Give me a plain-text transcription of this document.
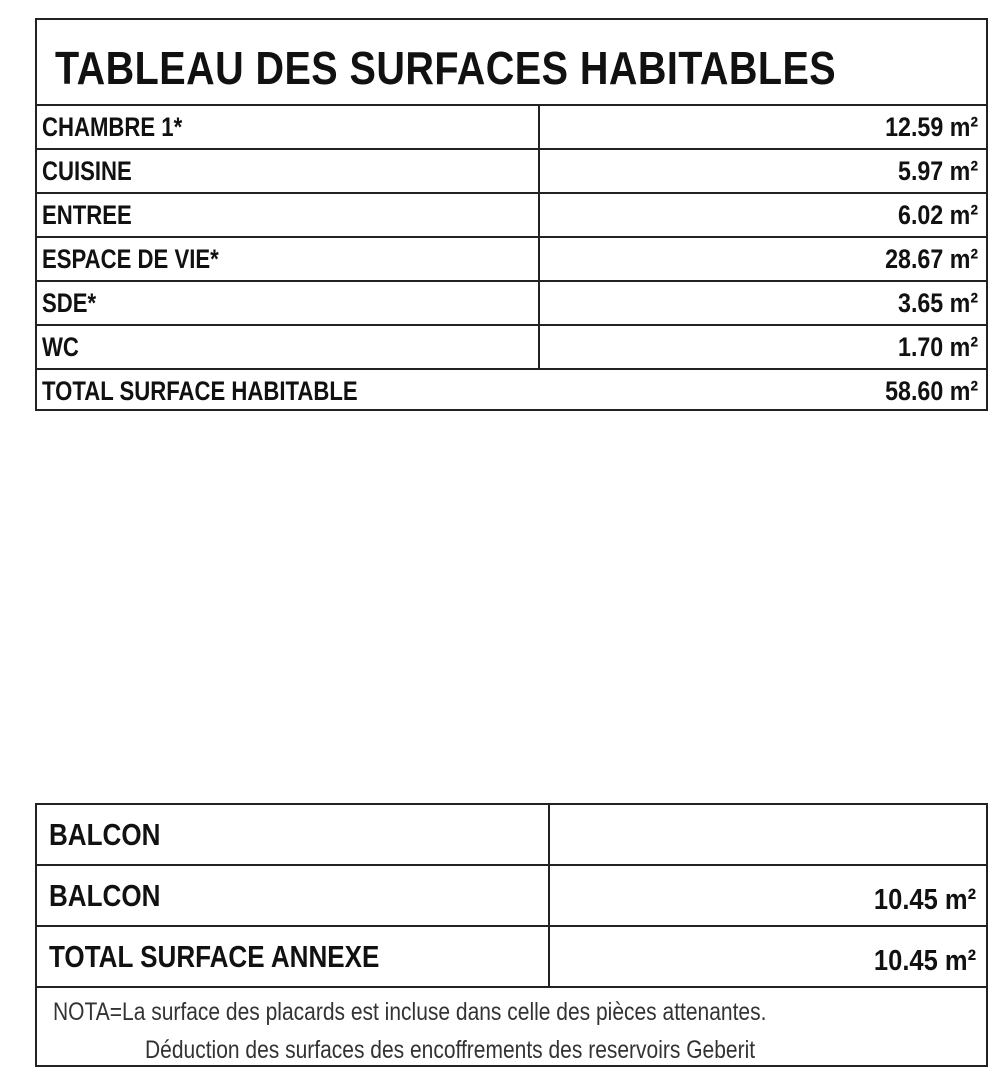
TABLEAU DES SURFACES HABITABLES
CHAMBRE 1*	12.59 m²
CUISINE	5.97 m²
ENTREE	6.02 m²
ESPACE DE VIE*	28.67 m²
SDE*	3.65 m²
WC	1.70 m²
TOTAL SURFACE HABITABLE	58.60 m²
BALCON
BALCON	10.45 m²
TOTAL SURFACE ANNEXE	10.45 m²
NOTA=La surface des placards est incluse dans celle des pièces attenantes.
Déduction des surfaces des encoffrements des reservoirs Geberit
